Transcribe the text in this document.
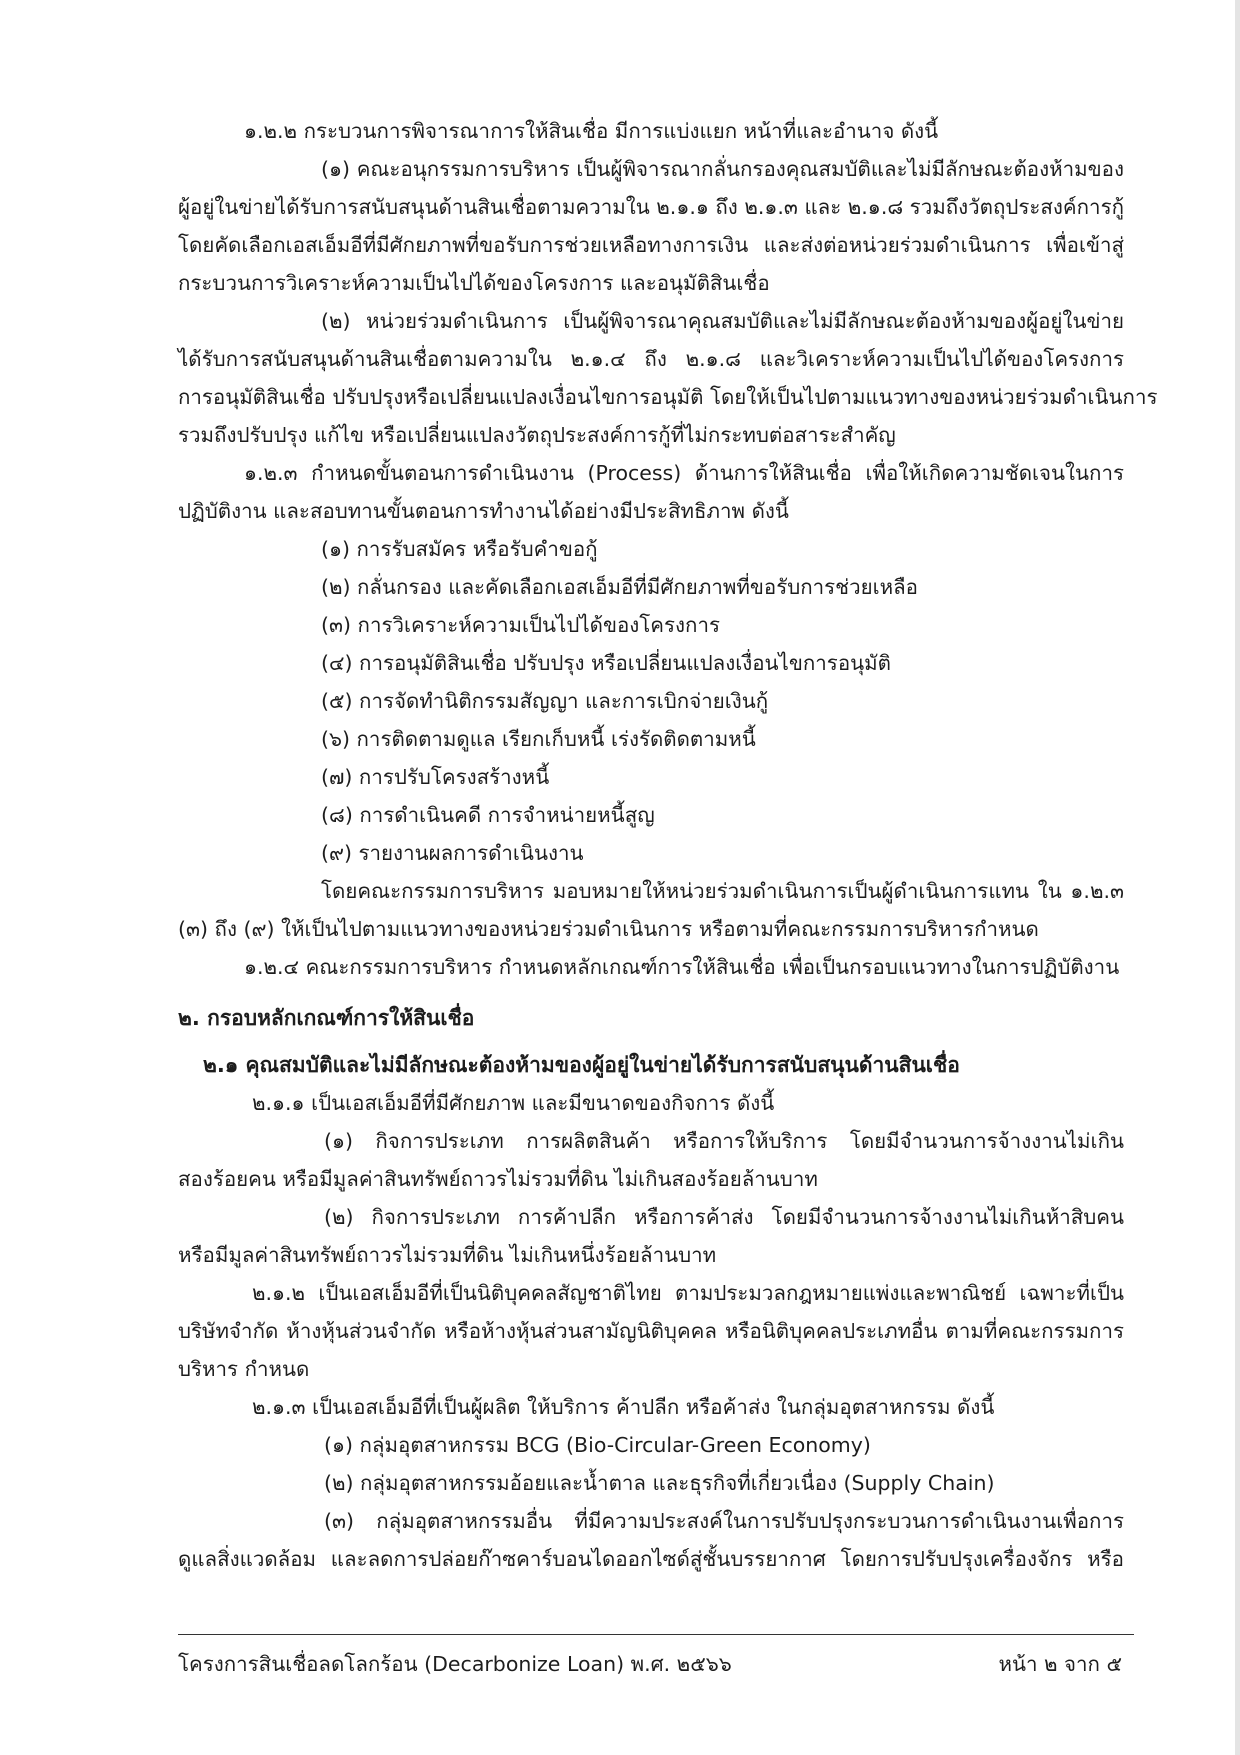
๑.๒.๒ กระบวนการพิจารณาการให้สินเชื่อ มีการแบ่งแยก หน้าที่และอำนาจ ดังนี้
(๑) คณะอนุกรรมการบริหาร เป็นผู้พิจารณากลั่นกรองคุณสมบัติและไม่มีลักษณะต้องห้ามของ
ผู้อยู่ในข่ายได้รับการสนับสนุนด้านสินเชื่อตามความใน ๒.๑.๑ ถึง ๒.๑.๓ และ ๒.๑.๘ รวมถึงวัตถุประสงค์การกู้
โดยคัดเลือกเอสเอ็มอีที่มีศักยภาพที่ขอรับการช่วยเหลือทางการเงิน และส่งต่อหน่วยร่วมดำเนินการ เพื่อเข้าสู่
กระบวนการวิเคราะห์ความเป็นไปได้ของโครงการ และอนุมัติสินเชื่อ
(๒) หน่วยร่วมดำเนินการ เป็นผู้พิจารณาคุณสมบัติและไม่มีลักษณะต้องห้ามของผู้อยู่ในข่าย
ได้รับการสนับสนุนด้านสินเชื่อตามความใน ๒.๑.๔ ถึง ๒.๑.๘ และวิเคราะห์ความเป็นไปได้ของโครงการ
การอนุมัติสินเชื่อ ปรับปรุงหรือเปลี่ยนแปลงเงื่อนไขการอนุมัติ โดยให้เป็นไปตามแนวทางของหน่วยร่วมดำเนินการ
รวมถึงปรับปรุง แก้ไข หรือเปลี่ยนแปลงวัตถุประสงค์การกู้ที่ไม่กระทบต่อสาระสำคัญ
๑.๒.๓ กำหนดขั้นตอนการดำเนินงาน (Process) ด้านการให้สินเชื่อ เพื่อให้เกิดความชัดเจนในการ
ปฏิบัติงาน และสอบทานขั้นตอนการทำงานได้อย่างมีประสิทธิภาพ ดังนี้
(๑) การรับสมัคร หรือรับคำขอกู้
(๒) กลั่นกรอง และคัดเลือกเอสเอ็มอีที่มีศักยภาพที่ขอรับการช่วยเหลือ
(๓) การวิเคราะห์ความเป็นไปได้ของโครงการ
(๔) การอนุมัติสินเชื่อ ปรับปรุง หรือเปลี่ยนแปลงเงื่อนไขการอนุมัติ
(๕) การจัดทำนิติกรรมสัญญา และการเบิกจ่ายเงินกู้
(๖) การติดตามดูแล เรียกเก็บหนี้ เร่งรัดติดตามหนี้
(๗) การปรับโครงสร้างหนี้
(๘) การดำเนินคดี การจำหน่ายหนี้สูญ
(๙) รายงานผลการดำเนินงาน
โดยคณะกรรมการบริหาร มอบหมายให้หน่วยร่วมดำเนินการเป็นผู้ดำเนินการแทน ใน ๑.๒.๓
(๓) ถึง (๙) ให้เป็นไปตามแนวทางของหน่วยร่วมดำเนินการ หรือตามที่คณะกรรมการบริหารกำหนด
๑.๒.๔ คณะกรรมการบริหาร กำหนดหลักเกณฑ์การให้สินเชื่อ เพื่อเป็นกรอบแนวทางในการปฏิบัติงาน
๒. กรอบหลักเกณฑ์การให้สินเชื่อ
๒.๑ คุณสมบัติและไม่มีลักษณะต้องห้ามของผู้อยู่ในข่ายได้รับการสนับสนุนด้านสินเชื่อ
๒.๑.๑ เป็นเอสเอ็มอีที่มีศักยภาพ และมีขนาดของกิจการ ดังนี้
(๑) กิจการประเภท การผลิตสินค้า หรือการให้บริการ โดยมีจำนวนการจ้างงานไม่เกิน
สองร้อยคน หรือมีมูลค่าสินทรัพย์ถาวรไม่รวมที่ดิน ไม่เกินสองร้อยล้านบาท
(๒) กิจการประเภท การค้าปลีก หรือการค้าส่ง โดยมีจำนวนการจ้างงานไม่เกินห้าสิบคน
หรือมีมูลค่าสินทรัพย์ถาวรไม่รวมที่ดิน ไม่เกินหนึ่งร้อยล้านบาท
๒.๑.๒ เป็นเอสเอ็มอีที่เป็นนิติบุคคลสัญชาติไทย ตามประมวลกฎหมายแพ่งและพาณิชย์ เฉพาะที่เป็น
บริษัทจำกัด ห้างหุ้นส่วนจำกัด หรือห้างหุ้นส่วนสามัญนิติบุคคล หรือนิติบุคคลประเภทอื่น ตามที่คณะกรรมการ
บริหาร กำหนด
๒.๑.๓ เป็นเอสเอ็มอีที่เป็นผู้ผลิต ให้บริการ ค้าปลีก หรือค้าส่ง ในกลุ่มอุตสาหกรรม ดังนี้
(๑) กลุ่มอุตสาหกรรม BCG (Bio-Circular-Green Economy)
(๒) กลุ่มอุตสาหกรรมอ้อยและน้ำตาล และธุรกิจที่เกี่ยวเนื่อง (Supply Chain)
(๓) กลุ่มอุตสาหกรรมอื่น ที่มีความประสงค์ในการปรับปรุงกระบวนการดำเนินงานเพื่อการ
ดูแลสิ่งแวดล้อม และลดการปล่อยก๊าซคาร์บอนไดออกไซด์สู่ชั้นบรรยากาศ โดยการปรับปรุงเครื่องจักร หรือ
โครงการสินเชื่อลดโลกร้อน (Decarbonize Loan) พ.ศ. ๒๕๖๖	หน้า ๒ จาก ๕
